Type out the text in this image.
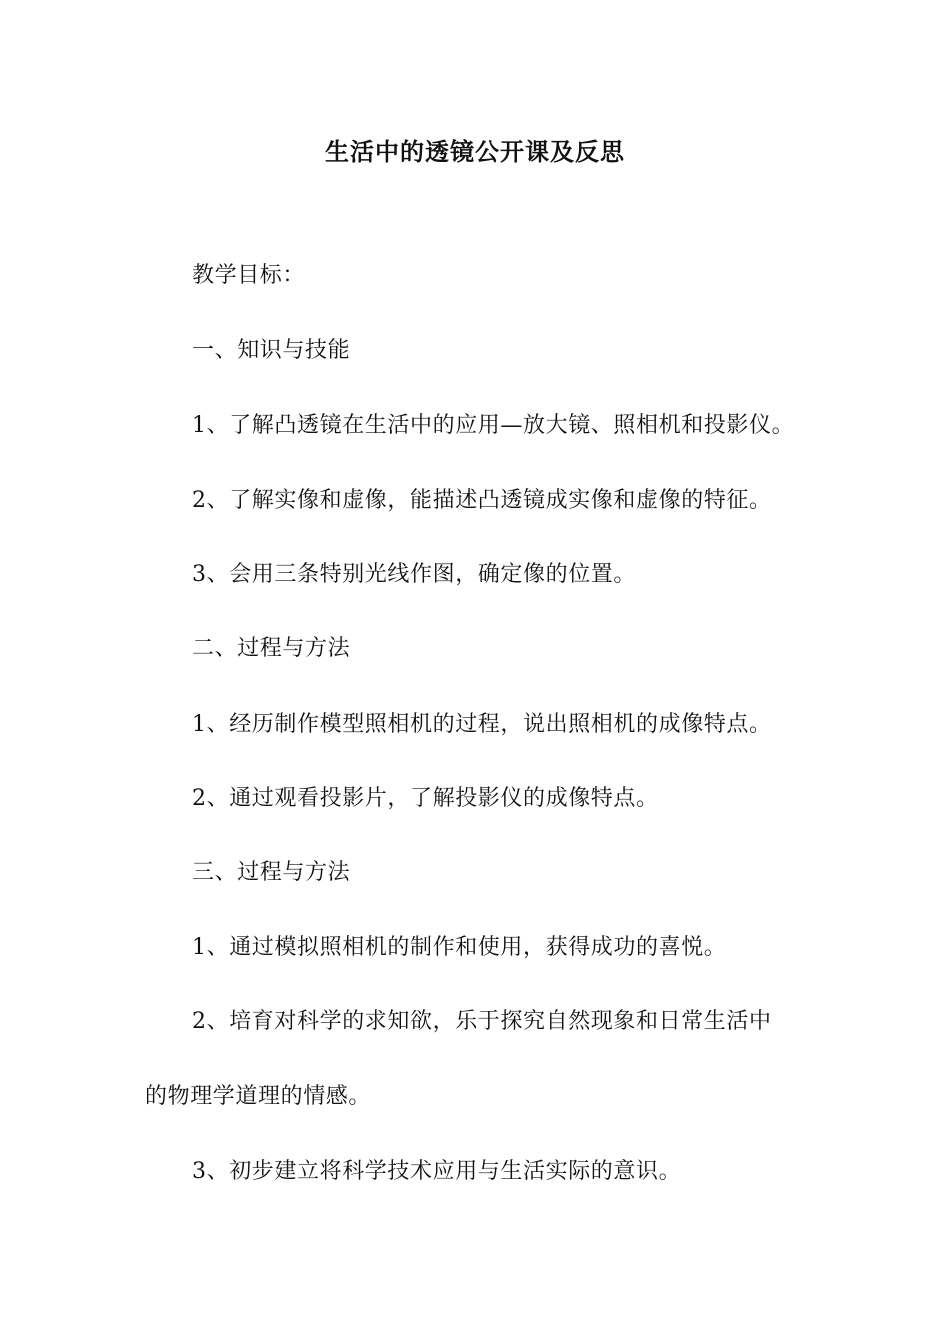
生活中的透镜公开课及反思

教学目标：

一、知识与技能

1、了解凸透镜在生活中的应用—放大镜、照相机和投影仪。

2、了解实像和虚像，能描述凸透镜成实像和虚像的特征。

3、会用三条特别光线作图，确定像的位置。

二、过程与方法

1、经历制作模型照相机的过程，说出照相机的成像特点。

2、通过观看投影片，了解投影仪的成像特点。

三、过程与方法

1、通过模拟照相机的制作和使用，获得成功的喜悦。

2、培育对科学的求知欲，乐于探究自然现象和日常生活中

的物理学道理的情感。

3、初步建立将科学技术应用与生活实际的意识。
